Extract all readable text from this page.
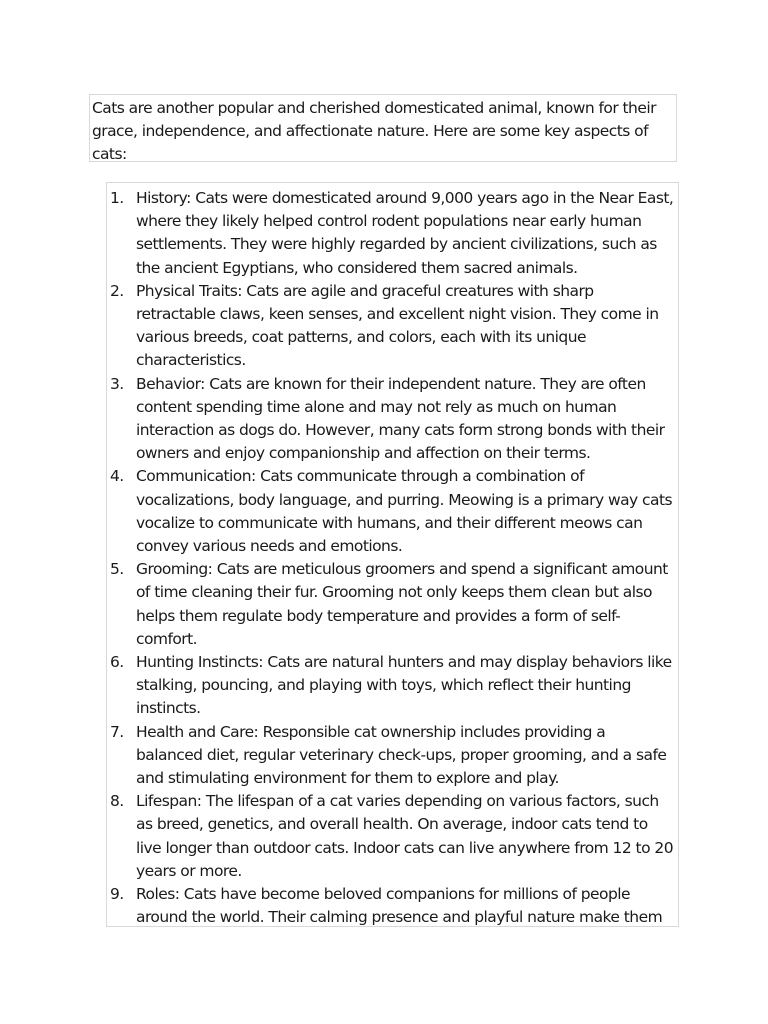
Cats are another popular and cherished domesticated animal, known for their grace, independence, and affectionate nature. Here are some key aspects of cats:
1. History: Cats were domesticated around 9,000 years ago in the Near East, where they likely helped control rodent populations near early human settlements. They were highly regarded by ancient civilizations, such as the ancient Egyptians, who considered them sacred animals.
2. Physical Traits: Cats are agile and graceful creatures with sharp retractable claws, keen senses, and excellent night vision. They come in various breeds, coat patterns, and colors, each with its unique characteristics.
3. Behavior: Cats are known for their independent nature. They are often content spending time alone and may not rely as much on human interaction as dogs do. However, many cats form strong bonds with their owners and enjoy companionship and affection on their terms.
4. Communication: Cats communicate through a combination of vocalizations, body language, and purring. Meowing is a primary way cats vocalize to communicate with humans, and their different meows can convey various needs and emotions.
5. Grooming: Cats are meticulous groomers and spend a significant amount of time cleaning their fur. Grooming not only keeps them clean but also helps them regulate body temperature and provides a form of self-comfort.
6. Hunting Instincts: Cats are natural hunters and may display behaviors like stalking, pouncing, and playing with toys, which reflect their hunting instincts.
7. Health and Care: Responsible cat ownership includes providing a balanced diet, regular veterinary check-ups, proper grooming, and a safe and stimulating environment for them to explore and play.
8. Lifespan: The lifespan of a cat varies depending on various factors, such as breed, genetics, and overall health. On average, indoor cats tend to live longer than outdoor cats. Indoor cats can live anywhere from 12 to 20 years or more.
9. Roles: Cats have become beloved companions for millions of people around the world. Their calming presence and playful nature make them
